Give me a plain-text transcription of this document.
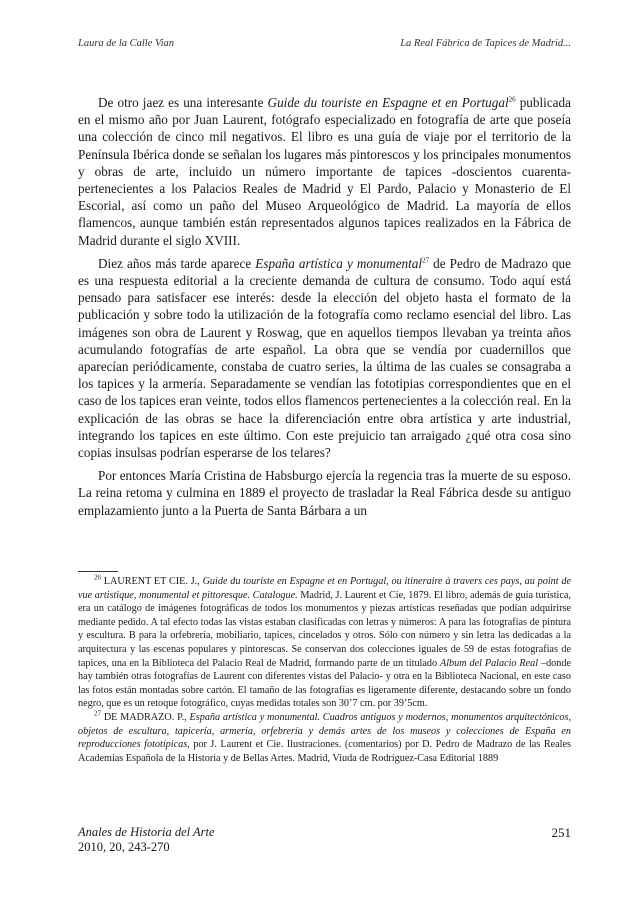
Laura de la Calle Vian	La Real Fábrica de Tapices de Madrid...

De otro jaez es una interesante Guide du touriste en Espagne et en Portugal$^{26}$ publicada en el mismo año por Juan Laurent, fotógrafo especializado en fotografía de arte que poseía una colección de cinco mil negativos. El libro es una guía de viaje por el territorio de la Península Ibérica donde se señalan los lugares más pintorescos y los principales monumentos y obras de arte, incluido un número importante de tapices -doscientos cuarenta- pertenecientes a los Palacios Reales de Madrid y El Pardo, Palacio y Monasterio de El Escorial, así como un paño del Museo Arqueológico de Madrid. La mayoría de ellos flamencos, aunque también están representados algunos tapices realizados en la Fábrica de Madrid durante el siglo XVIII.

Diez años más tarde aparece España artística y monumental$^{27}$ de Pedro de Madrazo que es una respuesta editorial a la creciente demanda de cultura de consumo. Todo aquí está pensado para satisfacer ese interés: desde la elección del objeto hasta el formato de la publicación y sobre todo la utilización de la fotografía como reclamo esencial del libro. Las imágenes son obra de Laurent y Roswag, que en aquellos tiempos llevaban ya treinta años acumulando fotografías de arte español. La obra que se vendía por cuadernillos que aparecían periódicamente, constaba de cuatro series, la última de las cuales se consagraba a los tapices y la armería. Separadamente se vendían las fototipias correspondientes que en el caso de los tapices eran veinte, todos ellos flamencos pertenecientes a la colección real. En la explicación de las obras se hace la diferenciación entre obra artística y arte industrial, integrando los tapices en este último. Con este prejuicio tan arraigado ¿qué otra cosa sino copias insulsas podrían esperarse de los telares?

Por entonces María Cristina de Habsburgo ejercía la regencia tras la muerte de su esposo. La reina retoma y culmina en 1889 el proyecto de trasladar la Real Fábrica desde su antiguo emplazamiento junto a la Puerta de Santa Bárbara a un

$^{26}$ LAURENT ET CIE. J., Guide du touriste en Espagne et en Portugal, ou itineraire à travers ces pays, au point de vue artistique, monumental et pittoresque. Catalogue. Madrid, J. Laurent et Cie, 1879. El libro, además de guía turística, era un catálogo de imágenes fotográficas de todos los monumentos y piezas artísticas reseñadas que podían adquirirse mediante pedido. A tal efecto todas las vistas estaban clasificadas con letras y números: A para las fotografías de pintura y escultura. B para la orfebrería, mobiliario, tapices, cincelados y otros. Sólo con número y sin letra las dedicadas a la arquitectura y las escenas populares y pintorescas. Se conservan dos colecciones iguales de 59 de estas fotografías de tapices, una en la Biblioteca del Palacio Real de Madrid, formando parte de un titulado Album del Palacio Real –donde hay también otras fotografías de Laurent con diferentes vistas del Palacio- y otra en la Biblioteca Nacional, en este caso las fotos están montadas sobre cartón. El tamaño de las fotografías es ligeramente diferente, destacando sobre un fondo negro, que es un retoque fotográfico, cuyas medidas totales son 30’7 cm. por 39’5cm.

$^{27}$ DE MADRAZO. P., España artística y monumental. Cuadros antiguos y modernos, monumentos arquitectónicos, objetos de escultura, tapicería, armería, orfebrería y demás artes de los museos y colecciones de España en reproducciones fototípicas, por J. Laurent et Cie. Ilustraciones. (comentarios) por D. Pedro de Madrazo de las Reales Academias Española de la Historia y de Bellas Artes. Madrid, Viuda de Rodríguez-Casa Editorial 1889

Anales de Historia del Arte
2010, 20, 243-270
251
